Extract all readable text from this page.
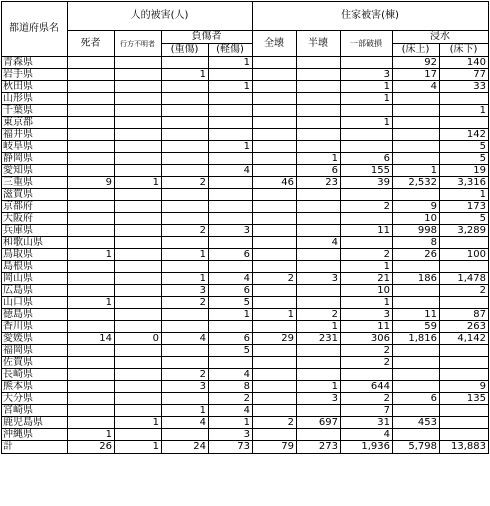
都道府県名	人的被害(人)				住家被害(棟)				
	死者	行方不明者	負傷者		全壊	半壊	一部破損	浸水	
			(重傷)	(軽傷)				(床上)	(床下)
青森県				1				92	140
岩手県			1				3	17	77
秋田県				1			1	4	33
山形県							1		
千葉県									1
東京都							1		
福井県									142
岐阜県				1					5
静岡県						1	6		5
愛知県				4		6	155	1	19
三重県	9	1	2		46	23	39	2,532	3,316
滋賀県									1
京都府							2	9	173
大阪府								10	5
兵庫県			2	3			11	998	3,289
和歌山県						4		8	
鳥取県	1		1	6			2	26	100
島根県							1		
岡山県			1	4	2	3	21	186	1,478
広島県			3	6			10		2
山口県	1		2	5			1		
徳島県				1	1	2	3	11	87
香川県						1	11	59	263
愛媛県	14	0	4	6	29	231	306	1,816	4,142
福岡県				5			2		
佐賀県							2		
長崎県			2	4					
熊本県			3	8		1	644		9
大分県				2		3	2	6	135
宮崎県			1	4			7		
鹿児島県		1	4	1	2	697	31	453	
沖縄県	1			3			4		
計	26	1	24	73	79	273	1,936	5,798	13,883
